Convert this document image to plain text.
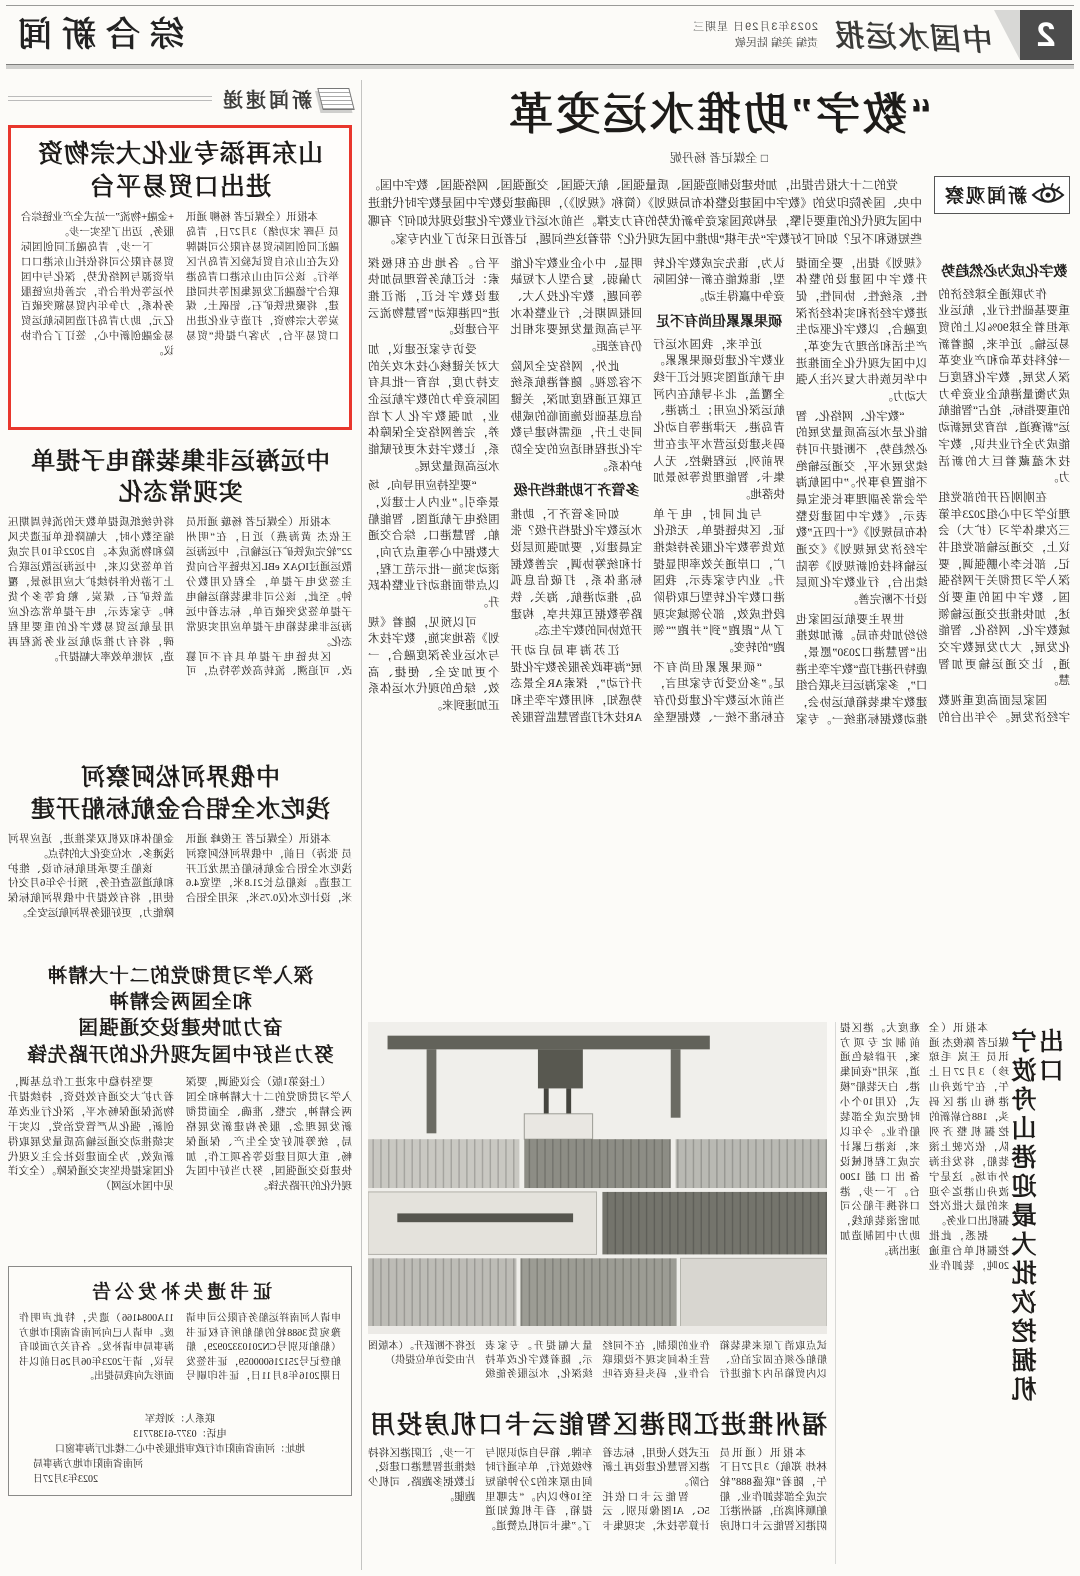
2
中国水运报
2023年3月29日 星期三
责编 美编 陆民敏
综合新闻
“数字”助推水运变革
□ 全媒记者 杨丹妮
新闻观察

党的二十大报告提出，加快建设制造强国、质量强国、航天强国、交通强国、网络强国、数字中国。中央、国务院印发的《数字中国建设整体布局规划》（简称《规划》），明确建设数字中国是数字时代推进中国式现代化的重要引擎，是构筑国家竞争新优势的有力支撑。当前水运行业数字化建设现状如何？有哪些短板和不足？如何下好数字“先手棋”助推中国式现代化？带着这些问题，记者近日采访了业内专家。

数字化成为必然趋势

作为联通全球经济的重要基础性行业，航运业承担着全球90%以上的贸易运输。近年来，随着新一轮科技革命和产业变革深入发展，数字化程度已成为衡量港航企业竞争力的重要指标，抢占“智能航运”新赛道、培育发展新动能成为全行业共识，数字技术蕴藏着巨大的新活力。

在刚刚召开的部党组理论学习中心组2023年第三次集体学习（扩大）会议上，交通运输部党组书记、部长李小鹏强调，要深入学习贯彻关于网络强国、数字中国的重要论述，加快推进交通运输领域数字化、网络化、智能化发展，大力发展数字交通，让交通运输更加智慧。

国家层面高度重视数字经济发展。今年出台的《规划》提出，要全面提升数字中国建设的整体性、系统性、协同性，促进数字经济和实体经济深度融合，以数字化驱动生产生活和治理方式变革，以中国式现代化全面推进中华民族伟大复兴注入强大动力。

“数字化、网络化、智能化是水运高质量发展的必然趋势，不断提升可持续发展水平，交通运输绝不能置身事外。”中国航海学会常务副理事长张宝晨表示，《数字中国建设整体布局规划》《“十四五”数字经济发展规划》《交通运输科技创新规划》等陆续出台，行业数字化顶层设计不断完善。

世界主要航运国家也纷纷加快布局。新加坡推出“智慧港口2030”愿景，鹿特丹港打造“数字孪生港口”，多家海运巨头联合组建数字集装箱航运协会，推动数据标准统一。专家认为，谁先完成数字化转型，谁就能在新一轮国际竞争中赢得主动。

硕果累累但尚有不足

近年来，我国水运行业数字化建设硕果累累。电子航道图实现长江干线全覆盖，北斗导航在内河航运深化应用；上海港、青岛港、天津港等自动化码头建设运营水平走在世界前列，远程操控、无人集卡、智能理货等场景加快落地。

与此同时，电子单证、区块链提单、无纸化放货等数字化服务持续推广，口岸通关效率明显提升。业内专家表示，我国港口数字化转型已取得阶段性成效，部分领域实现了从“跟跑”到“并跑”“领跑”的转变。

“硕果累累但尚有不足。”多位受访专家坦言，当前水运数字化建设仍存在标准不统一、数据壁垒明显、中小企业数字化能力偏弱、复合型人才短缺等问题，数字化投入大、回报周期长，行业整体水平与高质量发展要求相比仍有差距。

此外，网络安全风险不容忽视。随着港航系统互联互通程度加深，关键信息基础设施面临的威胁同步上升，亟需构建与数字化进程相适应的安全防护体系。

多管齐下助推档升级

如何多管齐下，助推水运数字化提档升级？张宝晨建议，要加强顶层设计和统筹协调，完善数据标准体系，打破信息孤岛，推动港航、海关、铁路等数据互联共享，构建开放协同的数字生态。

江苏海事局启动开展“海事政务服务数字化提升行动”，探索AR全景态势感知，利用数字孪生和AR技术打造智慧监管服务平台。各地也在积极探索：长江航务管理局加快建设数字长江，浙江推进“四港联动”智慧物流云平台建设。

受访专家还建议，加大对关键核心技术攻关的支持力度，培育一批具有国际竞争力的数字航运企业，加强数字化人才培养，完善网络安全保障体系，让数字技术更好赋能水运高质量发展。

“要坚持应用导向、场景牵引。”业内人士建议，围绕电子航道图、智能船舶、智慧港口、综合交通大数据中心等重点方向，滚动实施一批示范工程，以点带面推动行业整体跃升。

可以预见，随着《规划》落地实施，数字技术与水运业务深度融合，一个更加安全、便捷、高效、绿色的现代水运体系正加速到来。

宁波舟山港迎最大批次挖掘机出口

本报讯（全媒记者 陈俊杰 通讯员 王岚 毛琼珍）3月27日上午，在宁波舟山港梅山港区码头，188台崭新的挖掘机整齐列队，依次驶上滚装船，将发往海外市场。这是宁波舟山港迄今迎来的最大批次挖掘机出口业务。

据悉，此批挖掘机单台重逾20吨，装卸作业难度大。港区提前制定专项方案，开辟绿色通道，采用“夜间集港、白天装船”模式，仅用10个小时便完成全部装船作业。今年以来，该港已累计完成工程机械设备出口超1200台。下一步，港口将携手船公司加密滚装航线，助力中国制造加速出海。

试点取消了原来集装箱船舶必须在固定泊位、以内贸箱吊内才能进行作业的限制，在不同经营主体间实现不设限联合作业，码头昼夜吞吐量大幅提升。专家表示，随着数字化改革持续深化，水运服务能级还将不断跃升。（本版图片由受访单位提供）
福州推进江阴港区智能云卡口机房投用

本报讯（通讯员 林炜 郑航）3月27日下午，随着“联盛888”轮完成全部装卸作业、船舶顺利离泊，福州港江阴港区智能云卡口机房正式投入使用，标志着港区智慧化建设再上新台阶。

智能云卡口依托5G、AI图像识别、云计算等技术，实现集卡车牌、箱号自动识别与秒级放行，单车通行时间由原来的2分钟缩短至10秒以内。“去哪里提箱，看手机就知道了。”集卡司机点赞道。下一步，江阴港区将持续推进智慧港口建设，让数据多跑路、司机少跑腿。

新闻速递
山东再添专业化大宗物资
进出口贸易平台

本报讯（全媒记者 杨柳 通讯员 马晖 宋功绪）3月27日，青岛融汇同创国际贸易有限公司揭牌仪式在山东自贸试验区青岛片区举行。该公司由山东港口青岛港联合宁德融汇发展集团等共同组建，将聚焦铁矿石、铝矾土、煤炭等大宗物资，打造专业化进出口贸易平台，为客户提供“贸易+金融+物流”一站式全产业链综合服务，迈出了坚实一步。

下一步，青岛融汇同创国际贸易有限公司将依托山东港口口岸资源与网络优势，深化与中国外运等伙伴合作，完善供应链服务体系，力争年内贸易额突破百亿元，助力青岛打造国际航运贸易金融创新中心，签订了合作协议。

中远海运非集装箱电子提单
实现常态化

本报讯（全媒记者 杨璇 通讯员 王依杰 黄海燕）近日，在“明州22”轮完成铁矿石运输后，中远海运散运通过IQAX eBL区块链平台向货主签发电子提单，全程仅用数分钟。至此，该公司非集装箱运输电子提单签发突破百单，标志着中远海运非集装箱电子提单应用实现常态化。

区块链电子提单具有不可篡改、可追溯、流转高效等特点，可将传统纸质提单数天的流转周期压缩至数小时，大幅降低单证遗失风险和物流成本。自2022年10月完成首单签发以来，中远海运散运联合上下游伙伴持续扩大应用场景，覆盖铁矿石、煤炭、粮食等多个货种。专家表示，电子提单常态化应用是航运贸易数字化的重要里程碑，将有力推动航运业务流程再造，对账单效率大幅提升。

中俄界河松阿察河
浅吃水全铝合金航标船开建

本报讯（全媒记者 王俊峰 通讯员 张涛）日前，中俄界河松阿察河浅吃水全铝合金航标船在黑龙江开工建造。该船总长21.8米，型宽4.6米，设计吃水仅0.75米，采用全铝合金船体和双机双桨推进，适应界河浅滩多、水位变化大的特点。

该船主要承担航标布设、维护和航道巡查任务，预计今年6月交付使用，将有效提升中俄界河航标保障能力，更好服务界河航运安全。

深入学习贯彻党的二十大精神
和全国两会精神
奋力加快建设交通强国
努力当好中国式现代化的开路先锋

（上接第1版）会议强调，要深入学习贯彻党的二十大精神和全国两会精神，完整、准确、全面贯彻新发展理念，服务构建新发展格局，统筹抓好安全生产、保通保畅、重大项目建设等各项工作，加快建设交通强国，努力当好中国式现代化的开路先锋。

要坚持稳中求进工作总基调，着力扩大交通有效投资，持续提升物流保通保畅水平，深化行业改革创新，强化从严管党治党，以实干实绩推动交通运输高质量发展取得新成效，为全面建设社会主义现代化国家提供坚实交通保障。（全文详见中国水运网）

证书遗失补发公告
申请人河南祥运船务有限公司申请豫宛货3688轮的船舶所有权证书（船舶识别号CN20103320929，船舶登记号251216000059，证书签发日期2016年8月11日，证书印刷号11A0084166）遗失，特此声明作废。申请人已向河南省南阳市地方海事局申请补发。各有关方面如有异议，请于2023年06月26日前以书面形式向我局提出。
联系人：刘铁军
电话：0377-61387713
地址：河南省南阳市行政审批服务中心二楼北厅海事窗口
河南省南阳市地方海事局
2023年3月27日
